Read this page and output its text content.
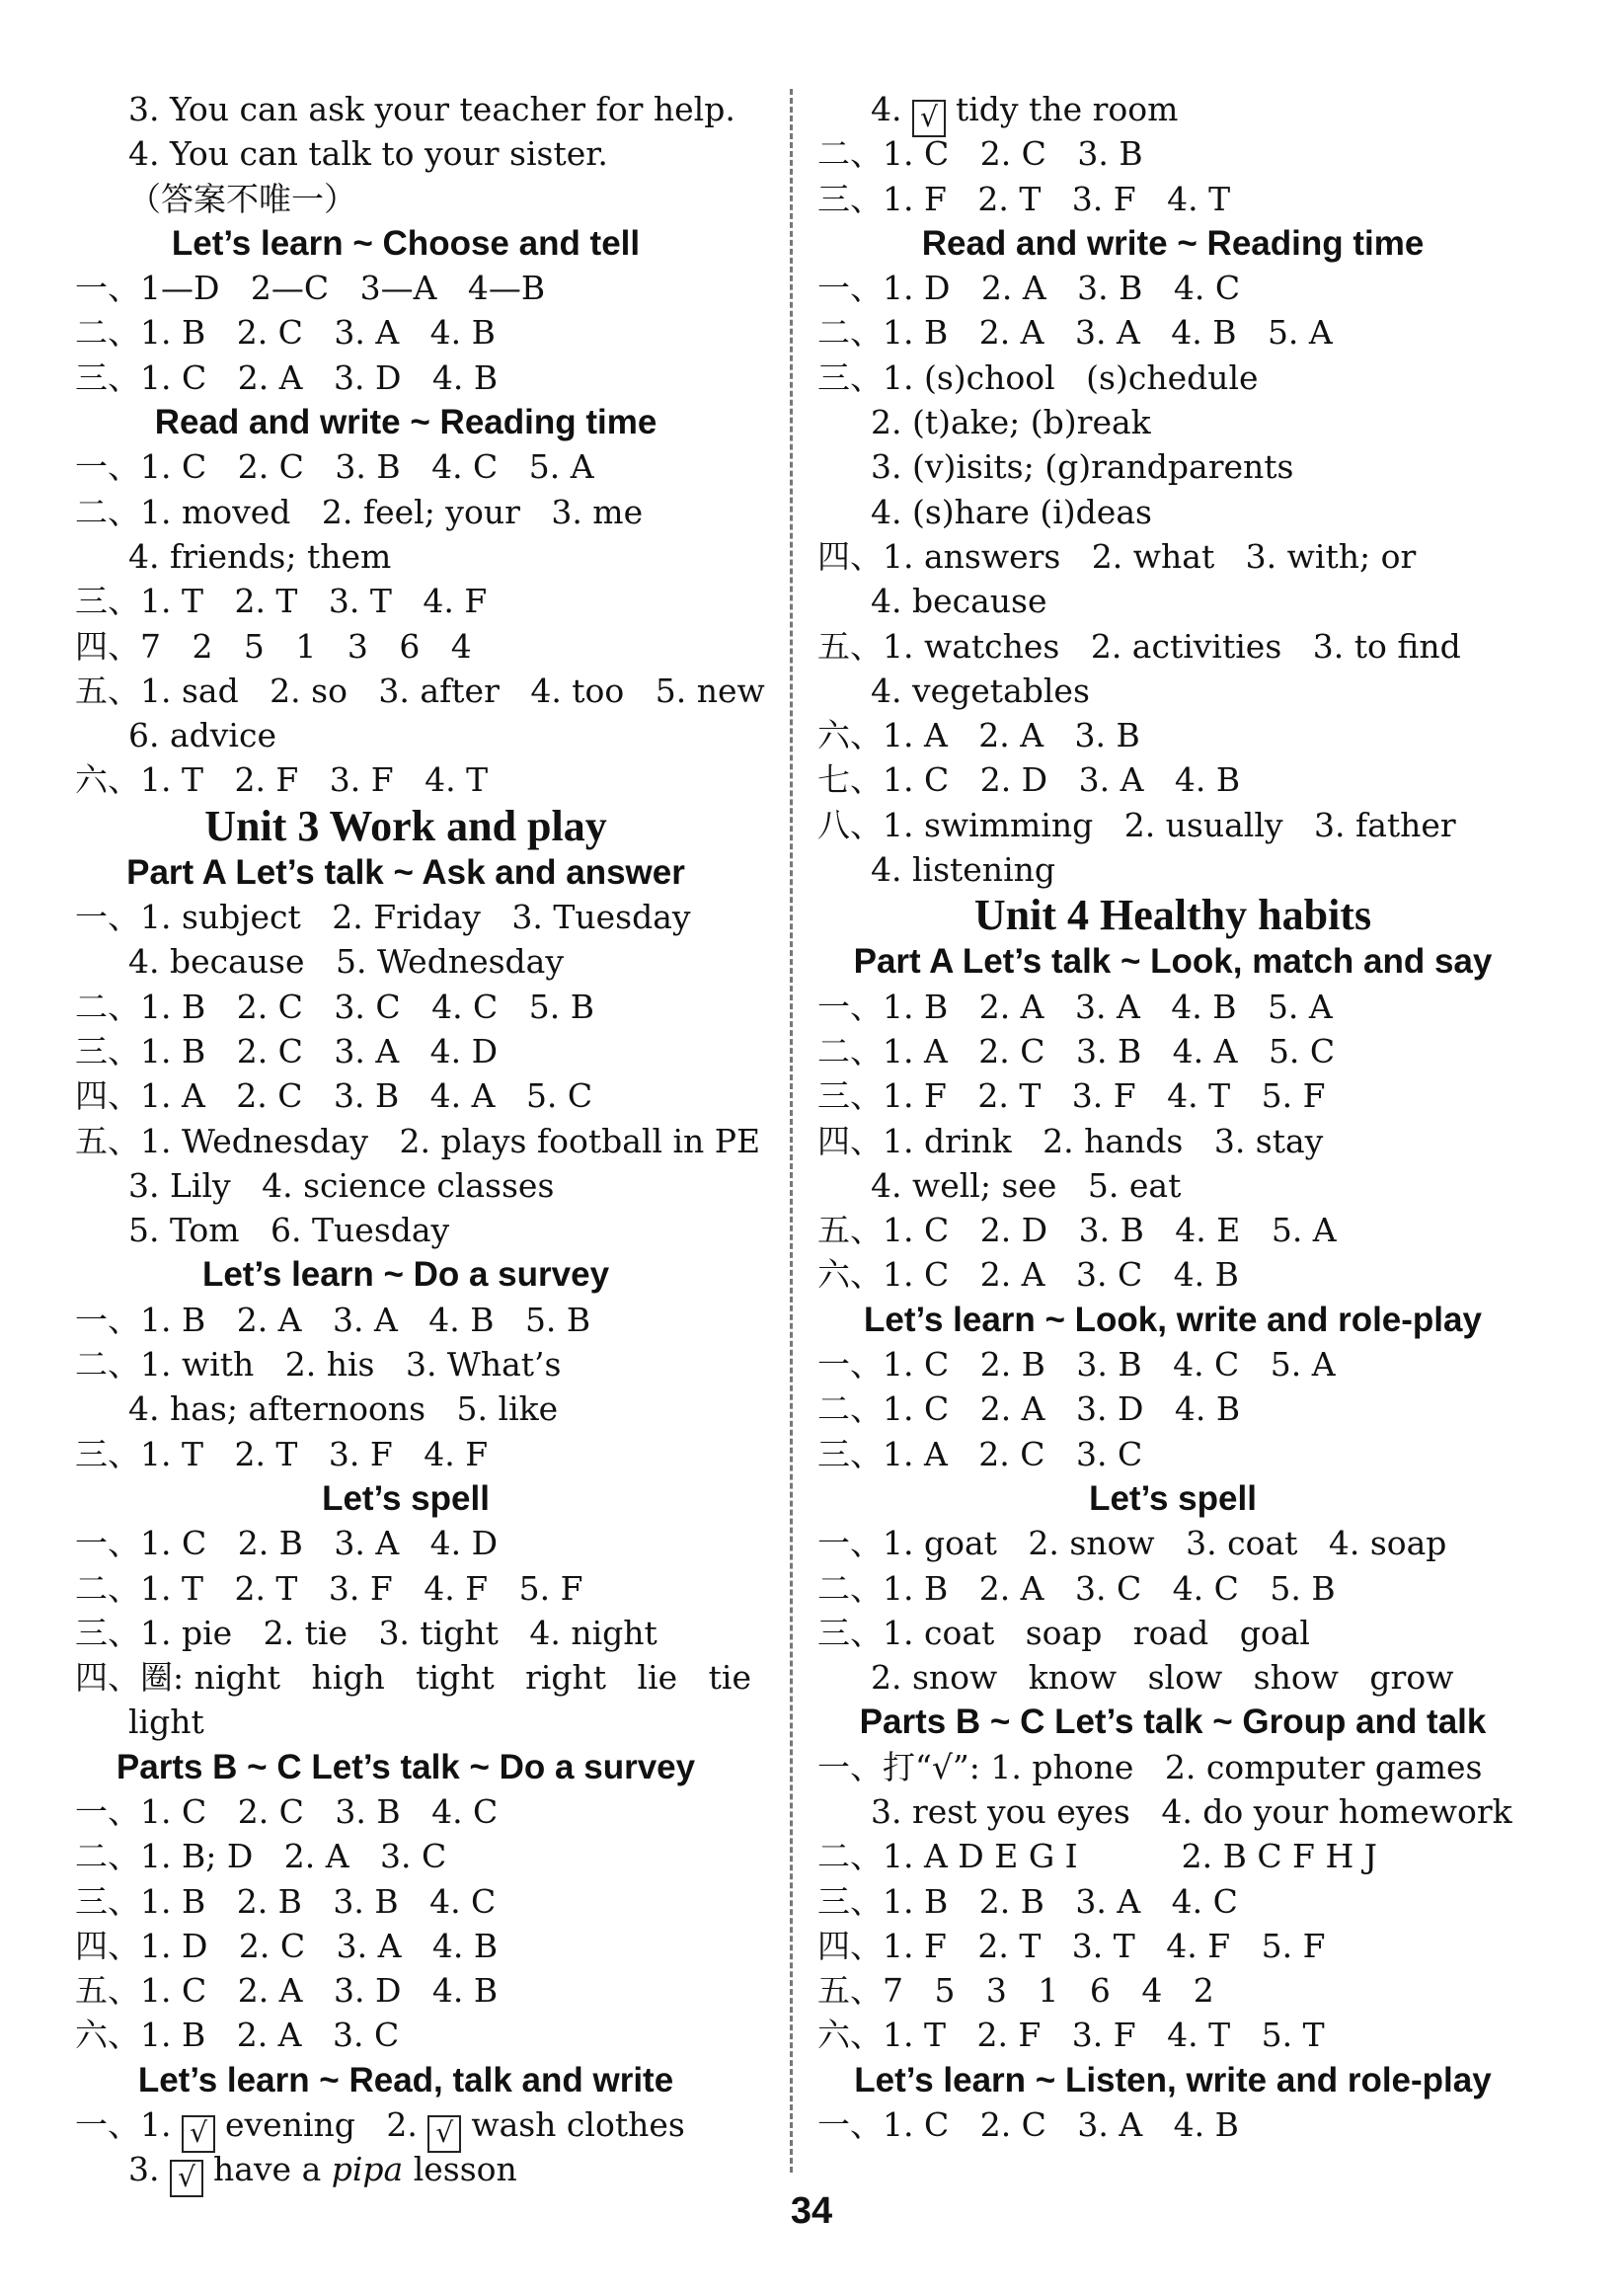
3. You can ask your teacher for help.
4. You can talk to your sister.
（答案不唯一）
Let’s learn ~ Choose and tell
一、1—D   2—C   3—A   4—B
二、1. B   2. C   3. A   4. B
三、1. C   2. A   3. D   4. B
Read and write ~ Reading time
一、1. C   2. C   3. B   4. C   5. A
二、1. moved   2. feel; your   3. me
4. friends; them
三、1. T   2. T   3. T   4. F
四、7   2   5   1   3   6   4
五、1. sad   2. so   3. after   4. too   5. new
6. advice
六、1. T   2. F   3. F   4. T
Unit 3 Work and play
Part A Let’s talk ~ Ask and answer
一、1. subject   2. Friday   3. Tuesday
4. because   5. Wednesday
二、1. B   2. C   3. C   4. C   5. B
三、1. B   2. C   3. A   4. D
四、1. A   2. C   3. B   4. A   5. C
五、1. Wednesday   2. plays football in PE
3. Lily   4. science classes
5. Tom   6. Tuesday
Let’s learn ~ Do a survey
一、1. B   2. A   3. A   4. B   5. B
二、1. with   2. his   3. What’s
4. has; afternoons   5. like
三、1. T   2. T   3. F   4. F
Let’s spell
一、1. C   2. B   3. A   4. D
二、1. T   2. T   3. F   4. F   5. F
三、1. pie   2. tie   3. tight   4. night
四、圈: night   high   tight   right   lie   tie
light
Parts B ~ C Let’s talk ~ Do a survey
一、1. C   2. C   3. B   4. C
二、1. B; D   2. A   3. C
三、1. B   2. B   3. B   4. C
四、1. D   2. C   3. A   4. B
五、1. C   2. A   3. D   4. B
六、1. B   2. A   3. C
Let’s learn ~ Read, talk and write
一、1. √ evening   2. √ wash clothes
3. √ have a pipa lesson
4. √ tidy the room
二、1. C   2. C   3. B
三、1. F   2. T   3. F   4. T
Read and write ~ Reading time
一、1. D   2. A   3. B   4. C
二、1. B   2. A   3. A   4. B   5. A
三、1. (s)chool   (s)chedule
2. (t)ake; (b)reak
3. (v)isits; (g)randparents
4. (s)hare (i)deas
四、1. answers   2. what   3. with; or
4. because
五、1. watches   2. activities   3. to find
4. vegetables
六、1. A   2. A   3. B
七、1. C   2. D   3. A   4. B
八、1. swimming   2. usually   3. father
4. listening
Unit 4 Healthy habits
Part A Let’s talk ~ Look, match and say
一、1. B   2. A   3. A   4. B   5. A
二、1. A   2. C   3. B   4. A   5. C
三、1. F   2. T   3. F   4. T   5. F
四、1. drink   2. hands   3. stay
4. well; see   5. eat
五、1. C   2. D   3. B   4. E   5. A
六、1. C   2. A   3. C   4. B
Let’s learn ~ Look, write and role-play
一、1. C   2. B   3. B   4. C   5. A
二、1. C   2. A   3. D   4. B
三、1. A   2. C   3. C
Let’s spell
一、1. goat   2. snow   3. coat   4. soap
二、1. B   2. A   3. C   4. C   5. B
三、1. coat   soap   road   goal
2. snow   know   slow   show   grow
Parts B ~ C Let’s talk ~ Group and talk
一、打“√”: 1. phone   2. computer games
3. rest you eyes   4. do your homework
二、1. A D E G I          2. B C F H J
三、1. B   2. B   3. A   4. C
四、1. F   2. T   3. T   4. F   5. F
五、7   5   3   1   6   4   2
六、1. T   2. F   3. F   4. T   5. T
Let’s learn ~ Listen, write and role-play
一、1. C   2. C   3. A   4. B
34
